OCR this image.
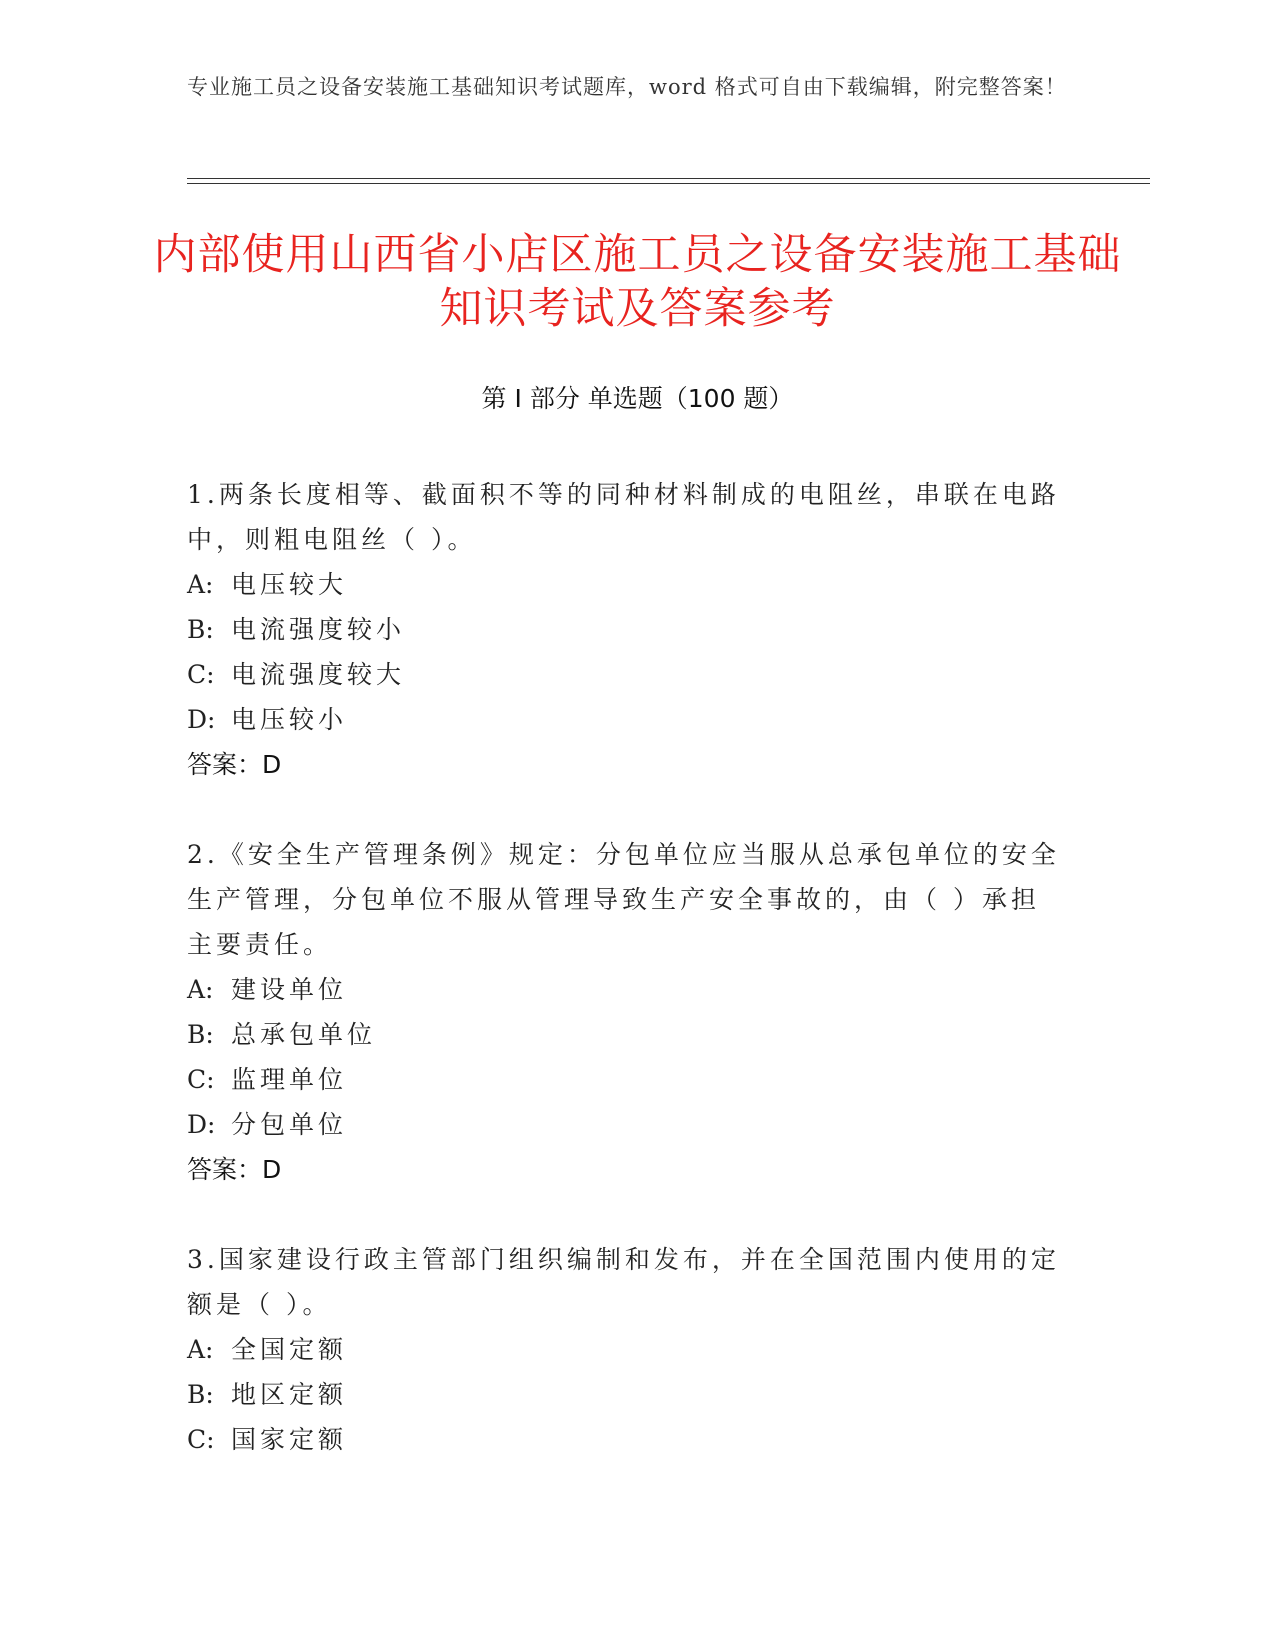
专业施工员之设备安装施工基础知识考试题库，word 格式可自由下载编辑，附完整答案！
内部使用山西省小店区施工员之设备安装施工基础知识考试及答案参考
第 I 部分 单选题（100 题）
1.两条长度相等、截面积不等的同种材料制成的电阻丝，串联在电路中，则粗电阻丝（ ）。
A: 电压较大
B: 电流强度较小
C: 电流强度较大
D: 电压较小
答案：D
2.《安全生产管理条例》规定：分包单位应当服从总承包单位的安全生产管理，分包单位不服从管理导致生产安全事故的，由（ ）承担主要责任。
A: 建设单位
B: 总承包单位
C: 监理单位
D: 分包单位
答案：D
3.国家建设行政主管部门组织编制和发布，并在全国范围内使用的定额是（ ）。
A: 全国定额
B: 地区定额
C: 国家定额
